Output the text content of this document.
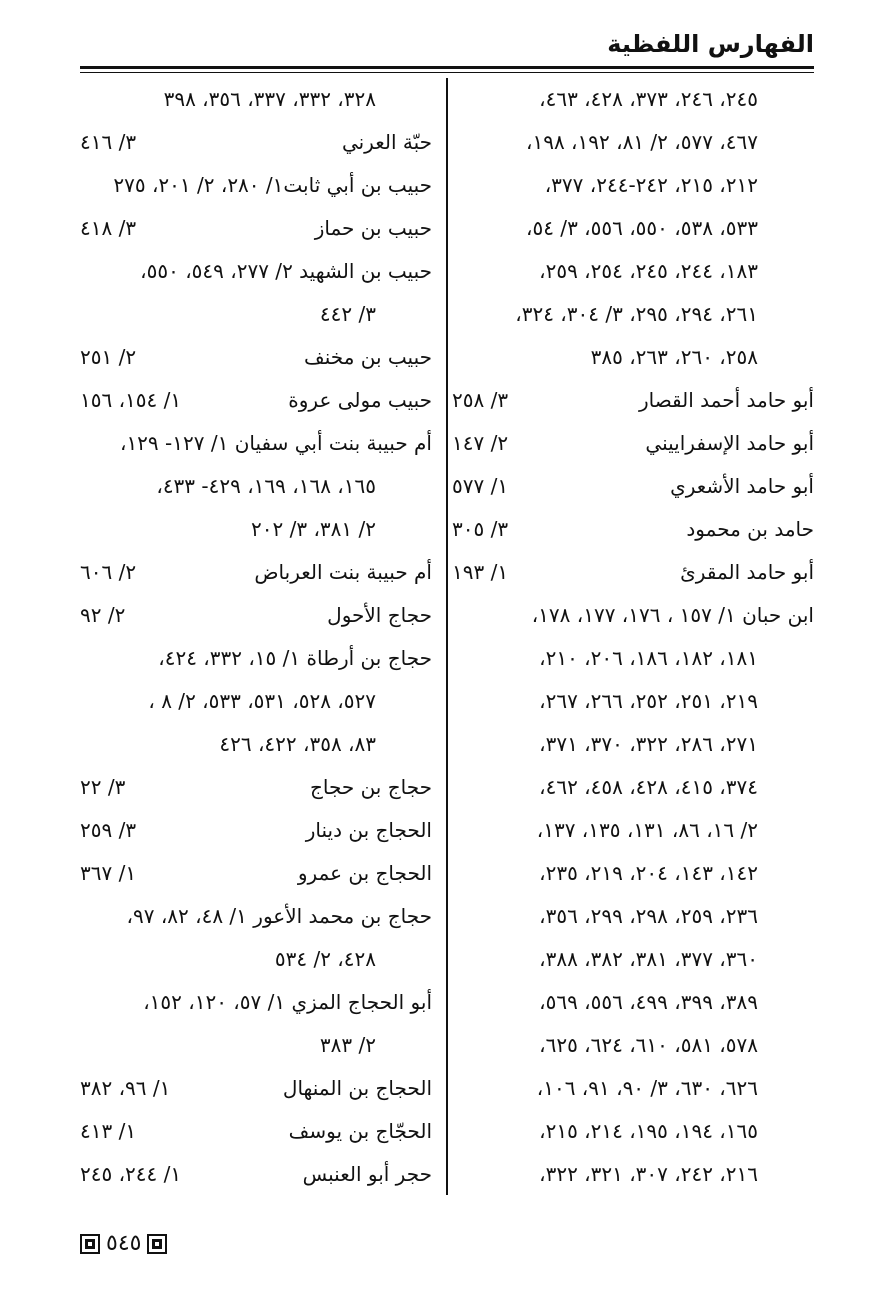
الفهارس اللفظية
٢٤٥، ٢٤٦، ٣٧٣، ٤٢٨، ٤٦٣،
٤٦٧، ٥٧٧، ٢/ ٨١، ١٩٢، ١٩٨،
٢١٢، ٢١٥، ٢٤٢-٢٤٤، ٣٧٧،
٥٣٣، ٥٣٨، ٥٥٠، ٥٥٦، ٣/ ٥٤،
١٨٣، ٢٤٤، ٢٤٥، ٢٥٤، ٢٥٩،
٢٦١، ٢٩٤، ٢٩٥، ٣/ ٣٠٤، ٣٢٤،
٢٥٨، ٢٦٠، ٢٦٣، ٣٨٥
أبو حامد أحمد القصار
٣/ ٢٥٨
أبو حامد الإسفراييني
٢/ ١٤٧
أبو حامد الأشعري
١/ ٥٧٧
حامد بن محمود
٣/ ٣٠٥
أبو حامد المقرئ
١/ ١٩٣
ابن حبان ١/ ١٥٧ ، ١٧٦، ١٧٧، ١٧٨،
١٨١، ١٨٢، ١٨٦، ٢٠٦، ٢١٠،
٢١٩، ٢٥١، ٢٥٢، ٢٦٦، ٢٦٧،
٢٧١، ٢٨٦، ٣٢٢، ٣٧٠، ٣٧١،
٣٧٤، ٤١٥، ٤٢٨، ٤٥٨، ٤٦٢،
٢/ ١٦، ٨٦، ١٣١، ١٣٥، ١٣٧،
١٤٢، ١٤٣، ٢٠٤، ٢١٩، ٢٣٥،
٢٣٦، ٢٥٩، ٢٩٨، ٢٩٩، ٣٥٦،
٣٦٠، ٣٧٧، ٣٨١، ٣٨٢، ٣٨٨،
٣٨٩، ٣٩٩، ٤٩٩، ٥٥٦، ٥٦٩،
٥٧٨، ٥٨١، ٦١٠، ٦٢٤، ٦٢٥،
٦٢٦، ٦٣٠، ٣/ ٩٠، ٩١، ١٠٦،
١٦٥، ١٩٤، ١٩٥، ٢١٤، ٢١٥،
٢١٦، ٢٤٢، ٣٠٧، ٣٢١، ٣٢٢،
٣٢٨، ٣٣٢، ٣٣٧، ٣٥٦، ٣٩٨
حبّة العرني
٣/ ٤١٦
حبيب بن أبي ثابت١/ ٢٨٠، ٢/ ٢٠١، ٢٧٥
حبيب بن حماز
٣/ ٤١٨
حبيب بن الشهيد ٢/ ٢٧٧، ٥٤٩، ٥٥٠،
٣/ ٤٤٢
حبيب بن مخنف
٢/ ٢٥١
حبيب مولى عروة
١/ ١٥٤، ١٥٦
أم حبيبة بنت أبي سفيان ١/ ١٢٧- ١٢٩،
١٦٥، ١٦٨، ١٦٩، ٤٢٩- ٤٣٣،
٢/ ٣٨١، ٣/ ٢٠٢
أم حبيبة بنت العرباض
٢/ ٦٠٦
حجاج الأحول
٢/ ٩٢
حجاج بن أرطاة ١/ ١٥، ٣٣٢، ٤٢٤،
٥٢٧، ٥٢٨، ٥٣١، ٥٣٣، ٢/ ٨ ،
٨٣، ٣٥٨، ٤٢٢، ٤٢٦
حجاج بن حجاج
٣/ ٢٢
الحجاج بن دينار
٣/ ٢٥٩
الحجاج بن عمرو
١/ ٣٦٧
حجاج بن محمد الأعور ١/ ٤٨، ٨٢، ٩٧،
٤٢٨، ٢/ ٥٣٤
أبو الحجاج المزي ١/ ٥٧، ١٢٠، ١٥٢،
٢/ ٣٨٣
الحجاج بن المنهال
١/ ٩٦، ٣٨٢
الحجّاج بن يوسف
١/ ٤١٣
حجر أبو العنبس
١/ ٢٤٤، ٢٤٥
٥٤٥
